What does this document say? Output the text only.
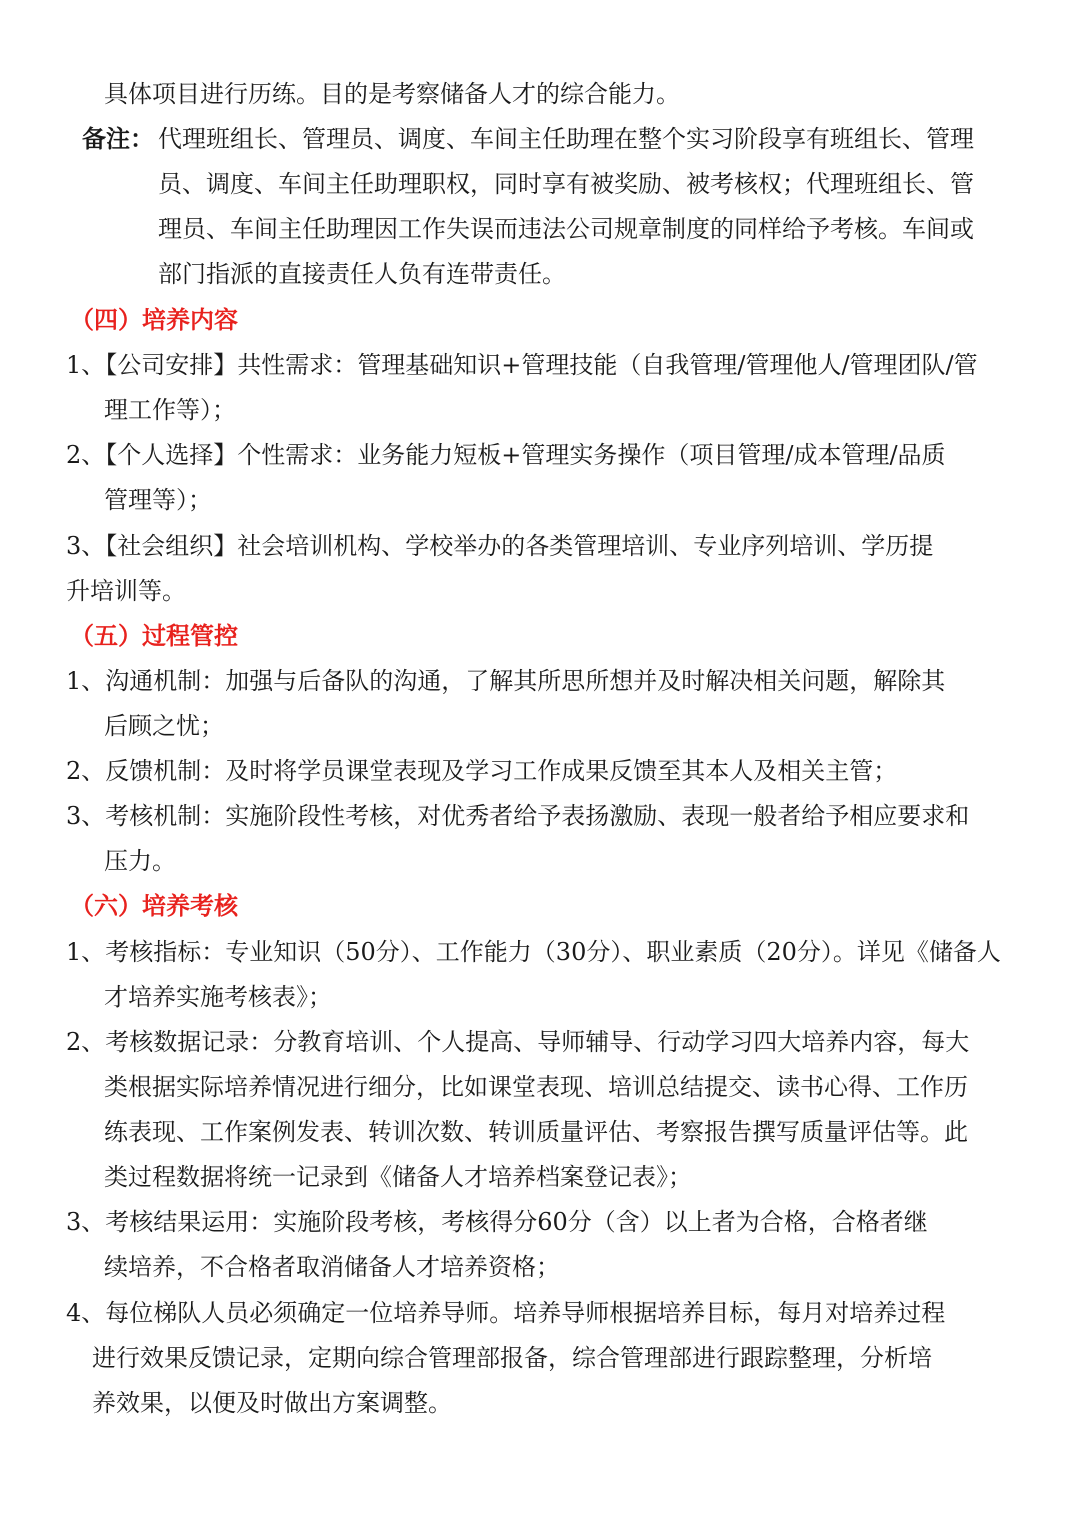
具体项目进行历练。目的是考察储备人才的综合能力。
备注： 代理班组长、管理员、调度、车间主任助理在整个实习阶段享有班组长、管理
员、调度、车间主任助理职权，同时享有被奖励、被考核权；代理班组长、管
理员、车间主任助理因工作失误而违法公司规章制度的同样给予考核。车间或
部门指派的直接责任人负有连带责任。
（四）培养内容
1、【公司安排】共性需求：管理基础知识+管理技能（自我管理/管理他人/管理团队/管
理工作等）；
2、【个人选择】个性需求：业务能力短板+管理实务操作（项目管理/成本管理/品质
管理等）；
3、【社会组织】社会培训机构、学校举办的各类管理培训、专业序列培训、学历提
升培训等。
（五）过程管控
1、沟通机制：加强与后备队的沟通，了解其所思所想并及时解决相关问题，解除其
后顾之忧；
2、反馈机制：及时将学员课堂表现及学习工作成果反馈至其本人及相关主管；
3、考核机制：实施阶段性考核，对优秀者给予表扬激励、表现一般者给予相应要求和
压力。
（六）培养考核
1、考核指标：专业知识（50分）、工作能力（30分）、职业素质（20分）。详见《储备人
才培养实施考核表》；
2、考核数据记录：分教育培训、个人提高、导师辅导、行动学习四大培养内容，每大
类根据实际培养情况进行细分，比如课堂表现、培训总结提交、读书心得、工作历
练表现、工作案例发表、转训次数、转训质量评估、考察报告撰写质量评估等。此
类过程数据将统一记录到《储备人才培养档案登记表》；
3、考核结果运用：实施阶段考核，考核得分60分（含）以上者为合格，合格者继
续培养，不合格者取消储备人才培养资格；
4、每位梯队人员必须确定一位培养导师。培养导师根据培养目标，每月对培养过程
进行效果反馈记录，定期向综合管理部报备，综合管理部进行跟踪整理，分析培
养效果，以便及时做出方案调整。
